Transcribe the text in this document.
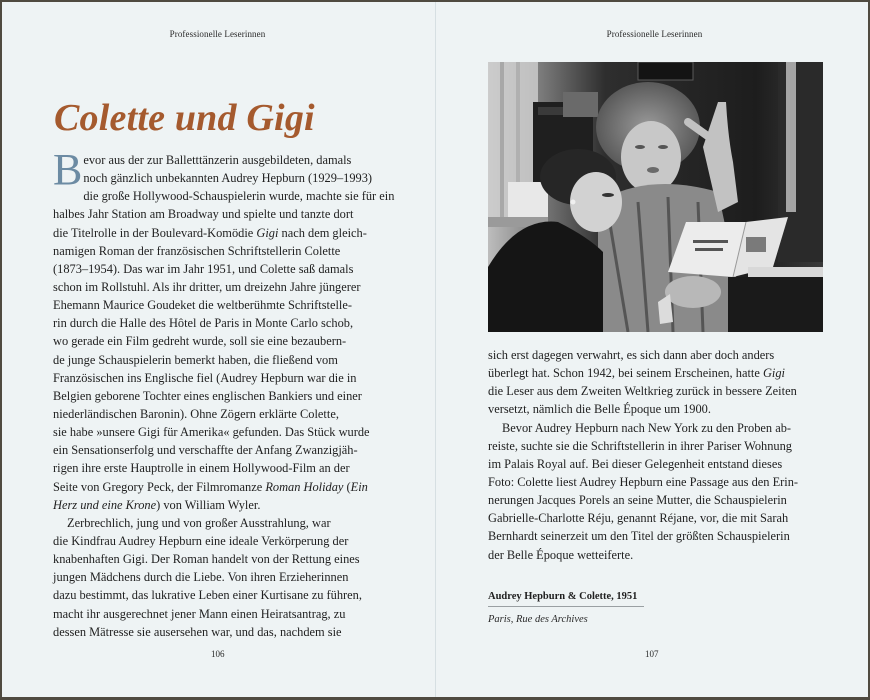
Professionelle Leserinnen
Colette und Gigi
B evor aus der zur Balletttänzerin ausgebildeten, damals
noch gänzlich unbekannten Audrey Hepburn (1929–1993)
die große Hollywood-Schauspielerin wurde, machte sie für ein
halbes Jahr Station am Broadway und spielte und tanzte dort
die Titelrolle in der Boulevard-Komödie Gigi nach dem gleich-
namigen Roman der französischen Schriftstellerin Colette
(1873–1954). Das war im Jahr 1951, und Colette saß damals
schon im Rollstuhl. Als ihr dritter, um dreizehn Jahre jüngerer
Ehemann Maurice Goudeket die weltberühmte Schriftstelle-
rin durch die Halle des Hôtel de Paris in Monte Carlo schob,
wo gerade ein Film gedreht wurde, soll sie eine bezaubern-
de junge Schauspielerin bemerkt haben, die fließend vom
Französischen ins Englische fiel (Audrey Hepburn war die in
Belgien geborene Tochter eines englischen Bankiers und einer
niederländischen Baronin). Ohne Zögern erklärte Colette,
sie habe »unsere Gigi für Amerika« gefunden. Das Stück wurde
ein Sensationserfolg und verschaffte der Anfang Zwanzigjäh-
rigen ihre erste Hauptrolle in einem Hollywood-Film an der
Seite von Gregory Peck, der Filmromanze Roman Holiday (Ein
Herz und eine Krone) von William Wyler.
Zerbrechlich, jung und von großer Ausstrahlung, war
die Kindfrau Audrey Hepburn eine ideale Verkörperung der
knabenhaften Gigi. Der Roman handelt von der Rettung eines
jungen Mädchens durch die Liebe. Von ihren Erzieherinnen
dazu bestimmt, das lukrative Leben einer Kurtisane zu führen,
macht ihr ausgerechnet jener Mann einen Heiratsantrag, zu
dessen Mätresse sie ausersehen war, und das, nachdem sie
106
Professionelle Leserinnen
sich erst dagegen verwahrt, es sich dann aber doch anders
überlegt hat. Schon 1942, bei seinem Erscheinen, hatte Gigi
die Leser aus dem Zweiten Weltkrieg zurück in bessere Zeiten
versetzt, nämlich die Belle Époque um 1900.
Bevor Audrey Hepburn nach New York zu den Proben ab-
reiste, suchte sie die Schriftstellerin in ihrer Pariser Wohnung
im Palais Royal auf. Bei dieser Gelegenheit entstand dieses
Foto: Colette liest Audrey Hepburn eine Passage aus den Erin-
nerungen Jacques Porels an seine Mutter, die Schauspielerin
Gabrielle-Charlotte Réju, genannt Réjane, vor, die mit Sarah
Bernhardt seinerzeit um den Titel der größten Schauspielerin
der Belle Époque wetteiferte.
Audrey Hepburn & Colette, 1951
Paris, Rue des Archives
107
